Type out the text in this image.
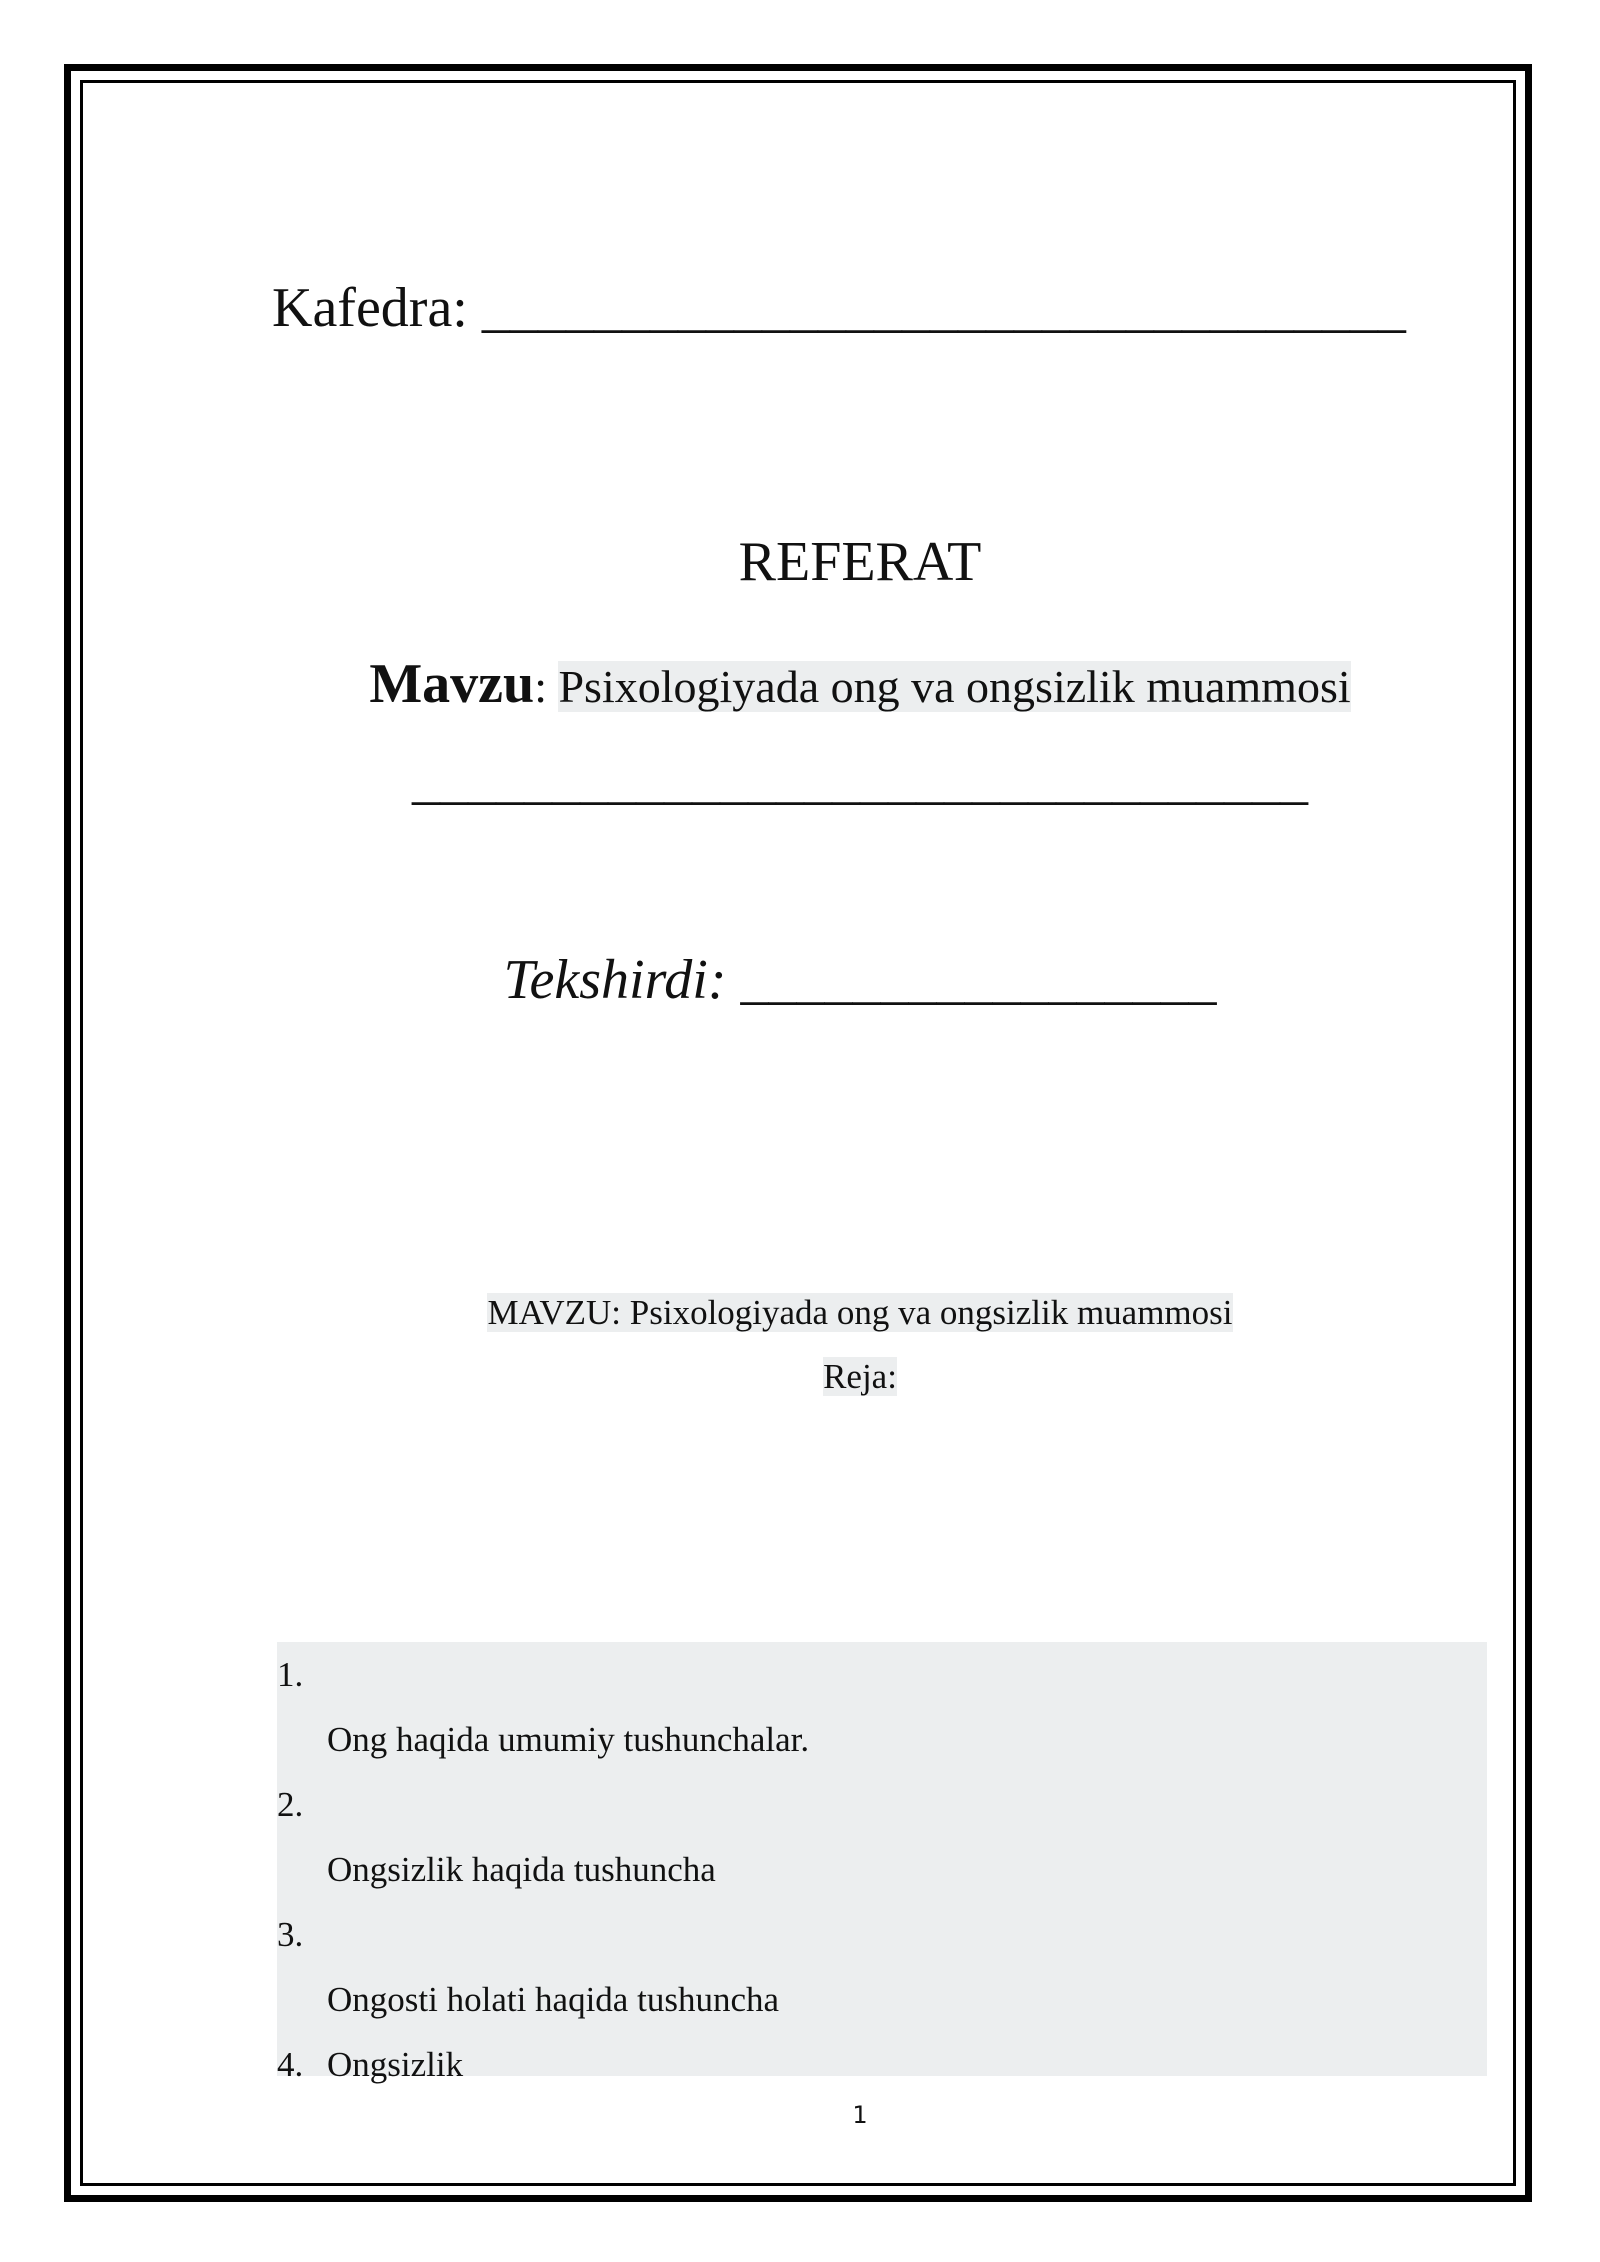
Kafedra: _________________________________
REFERAT
Mavzu: Psixologiyada ong va ongsizlik muammosi
________________________________
Tekshirdi: _________________
MAVZU: Psixologiyada ong va ongsizlik muammosi
Reja:
1.
Ong haqida umumiy tushunchalar.
2.
Ongsizlik haqida tushuncha
3.
Ongosti holati haqida tushuncha
4. Ongsizlik
1
